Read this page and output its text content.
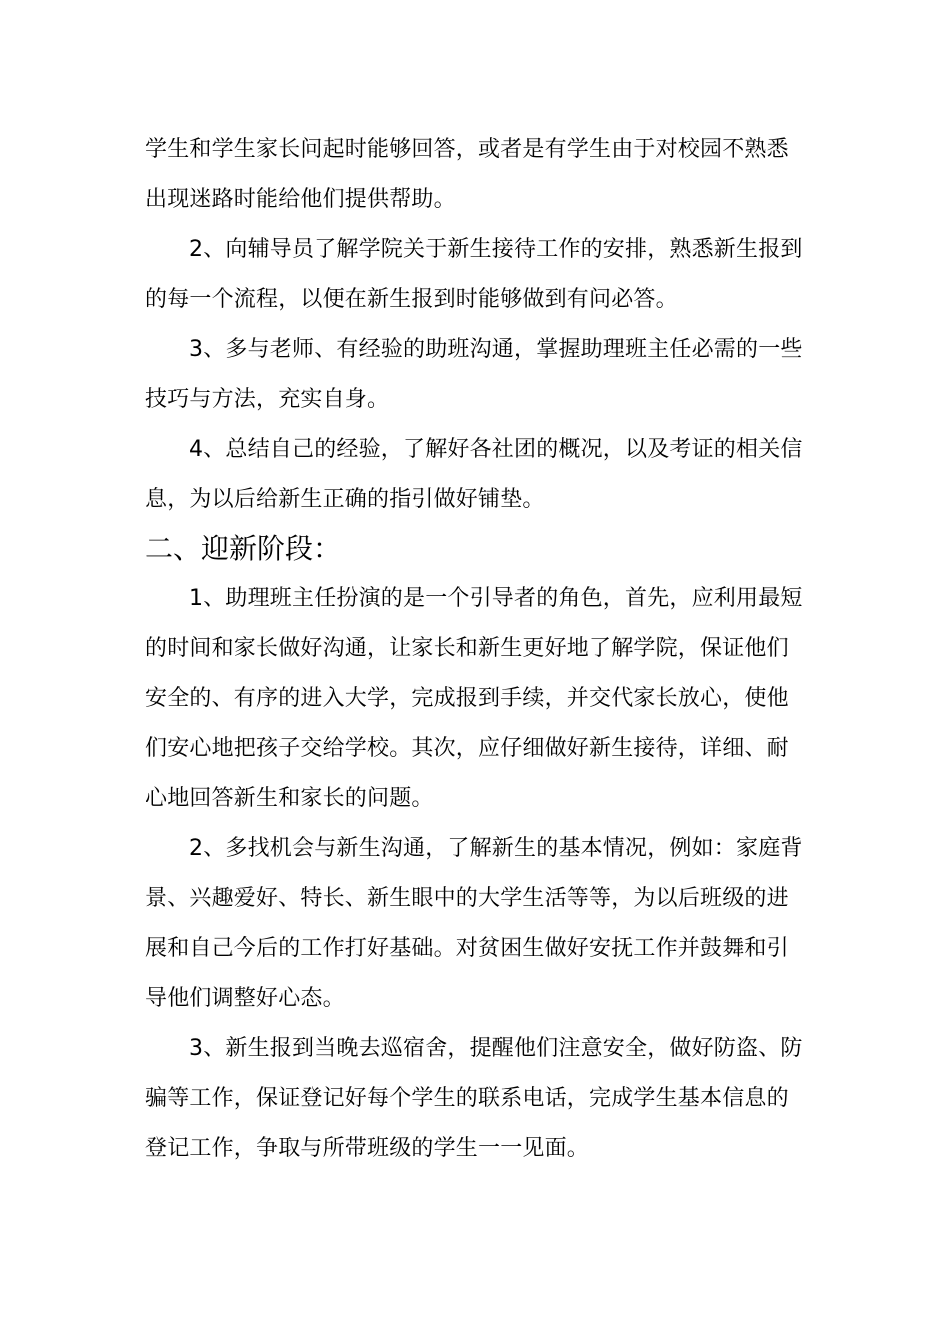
学生和学生家长问起时能够回答，或者是有学生由于对校园不熟悉
出现迷路时能给他们提供帮助。
2、向辅导员了解学院关于新生接待工作的安排，熟悉新生报到
的每一个流程，以便在新生报到时能够做到有问必答。
3、多与老师、有经验的助班沟通，掌握助理班主任必需的一些
技巧与方法，充实自身。
4、总结自己的经验，了解好各社团的概况，以及考证的相关信
息，为以后给新生正确的指引做好铺垫。
二、迎新阶段：
1、助理班主任扮演的是一个引导者的角色，首先，应利用最短
的时间和家长做好沟通，让家长和新生更好地了解学院，保证他们
安全的、有序的进入大学，完成报到手续，并交代家长放心，使他
们安心地把孩子交给学校。其次，应仔细做好新生接待，详细、耐
心地回答新生和家长的问题。
2、多找机会与新生沟通，了解新生的基本情况，例如：家庭背
景、兴趣爱好、特长、新生眼中的大学生活等等，为以后班级的进
展和自己今后的工作打好基础。对贫困生做好安抚工作并鼓舞和引
导他们调整好心态。
3、新生报到当晚去巡宿舍，提醒他们注意安全，做好防盗、防
骗等工作，保证登记好每个学生的联系电话，完成学生基本信息的
登记工作，争取与所带班级的学生一一见面。
